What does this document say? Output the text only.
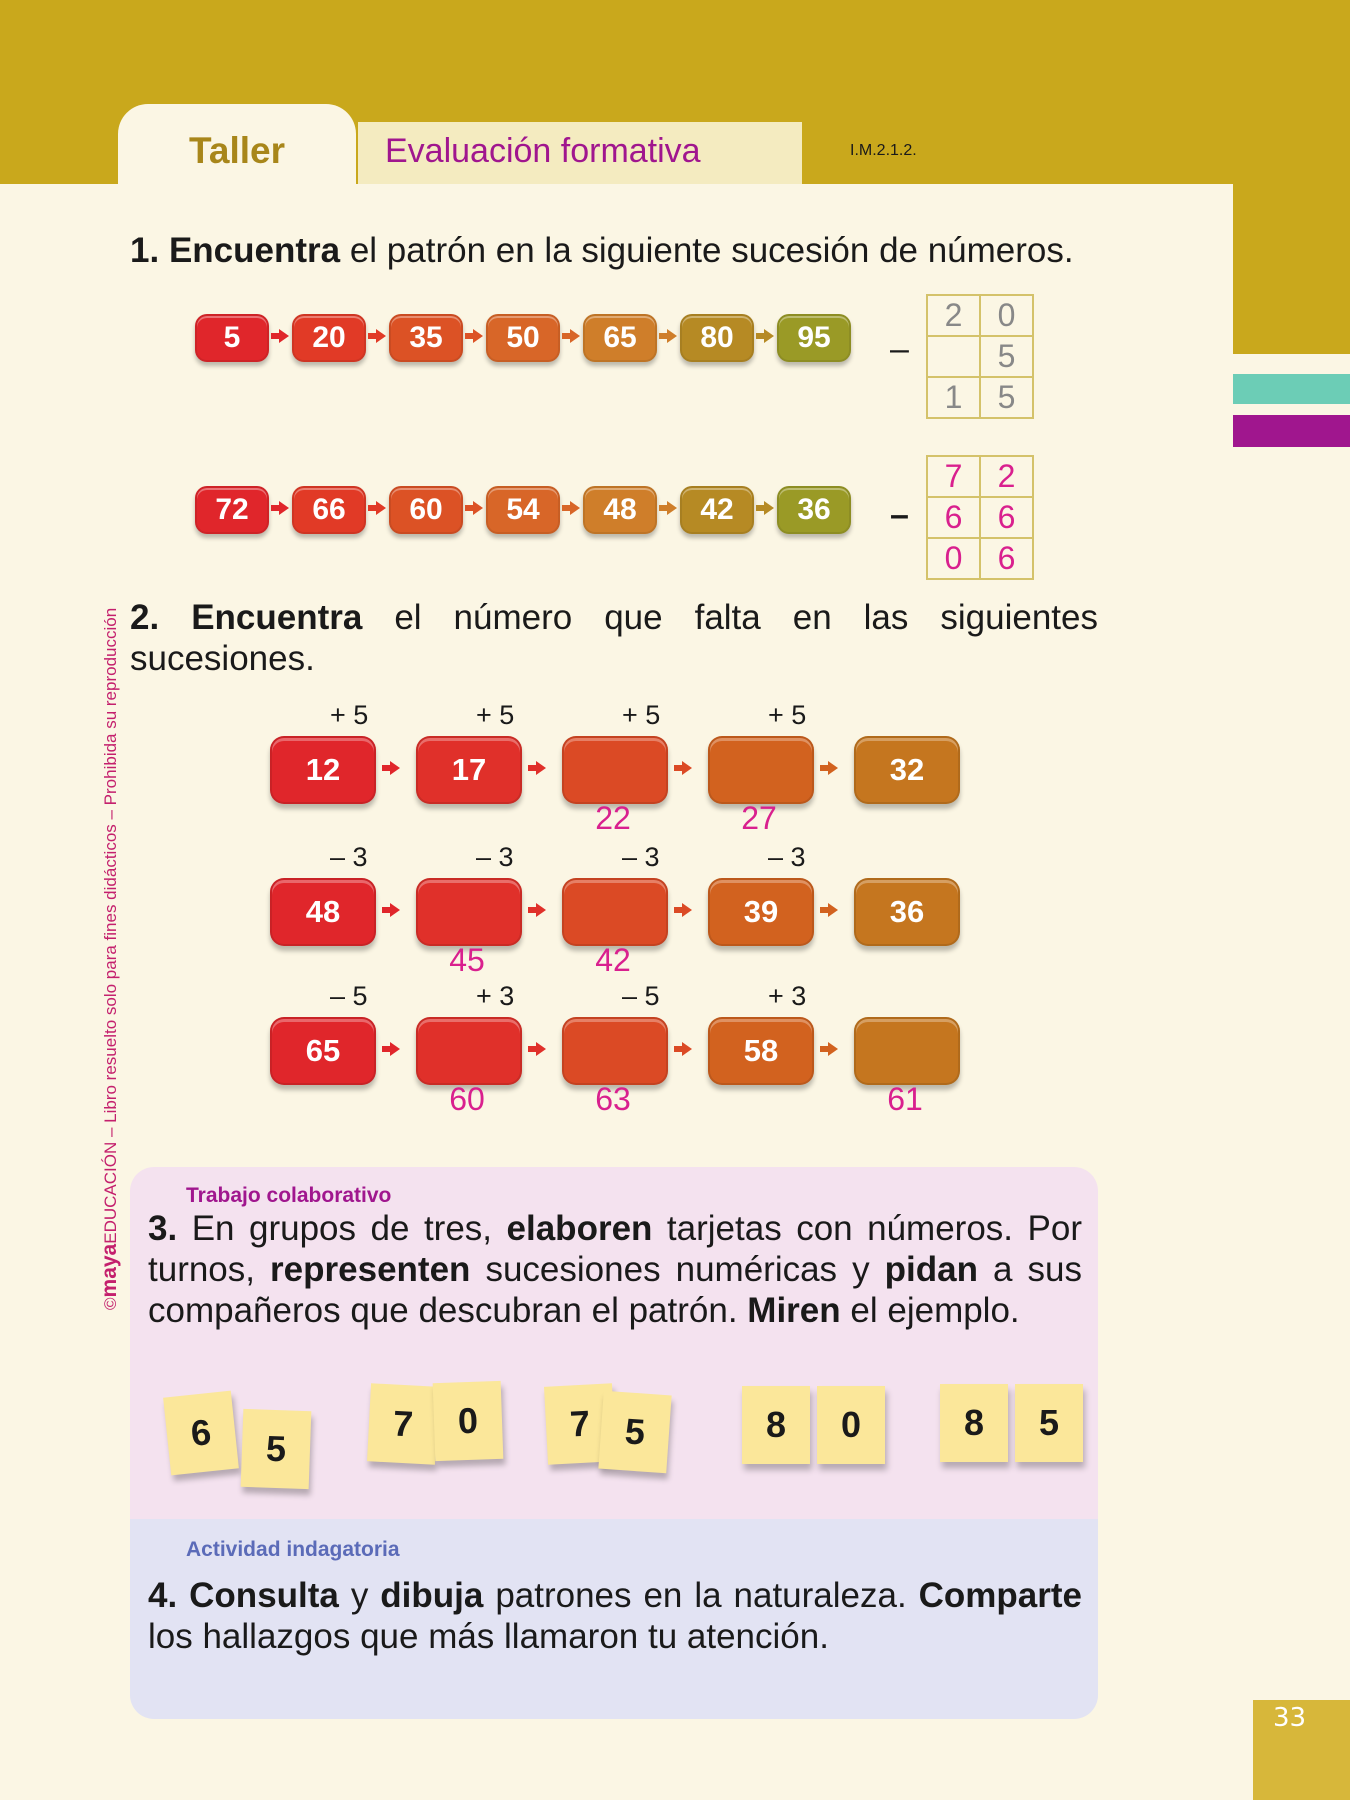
33
Taller	Evaluación formativa	I.M.2.1.2.
©mayaEDUCACIÓN – Libro resuelto solo para fines didácticos – Prohibida su reproducción
1. Encuentra el patrón en la siguiente sucesión de números.
5	20	35	50	65	80	95
72	66	60	54	48	42	36
–
2	0
	5
1	5
–
7	2
6	6
0	6
2. Encuentra el número que falta en las siguientes sucesiones.
+ 5	+ 5	+ 5	+ 5
12	17	32
22	27
– 3	– 3	– 3	– 3
48	39	36
45	42
– 5	+ 3	– 5	+ 3
65	58
60	63	61
Trabajo colaborativo
3. En grupos de tres, elaboren tarjetas con números. Por turnos, representen sucesiones numéricas y pidan a sus compañeros que descubran el patrón. Miren el ejemplo.
6	5
7	0	7 5	8	0	8	5
Actividad indagatoria
4. Consulta y dibuja patrones en la naturaleza. Comparte los hallazgos que más llamaron tu atención.
